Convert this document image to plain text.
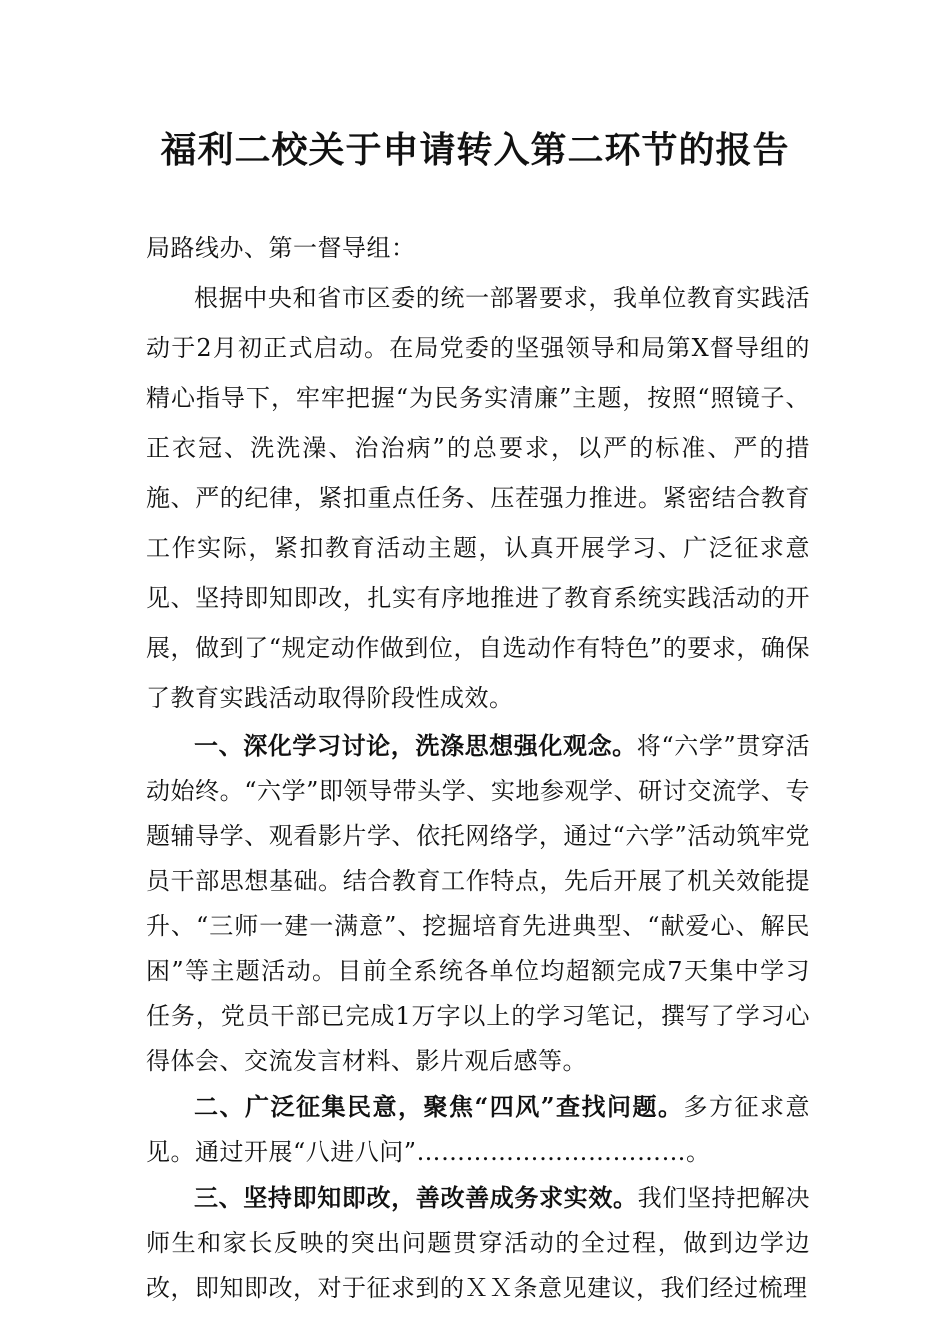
福利二校关于申请转入第二环节的报告

局路线办、第一督导组：

根据中央和省市区委的统一部署要求，我单位教育实践活动于2月初正式启动。在局党委的坚强领导和局第X督导组的精心指导下，牢牢把握“为民务实清廉”主题，按照“照镜子、正衣冠、洗洗澡、治治病”的总要求，以严的标准、严的措施、严的纪律，紧扣重点任务、压茬强力推进。紧密结合教育工作实际，紧扣教育活动主题，认真开展学习、广泛征求意见、坚持即知即改，扎实有序地推进了教育系统实践活动的开展，做到了“规定动作做到位，自选动作有特色”的要求，确保了教育实践活动取得阶段性成效。

一、深化学习讨论，洗涤思想强化观念。将“六学”贯穿活动始终。“六学”即领导带头学、实地参观学、研讨交流学、专题辅导学、观看影片学、依托网络学，通过“六学”活动筑牢党员干部思想基础。结合教育工作特点，先后开展了机关效能提升、“三师一建一满意”、挖掘培育先进典型、“献爱心、解民困”等主题活动。目前全系统各单位均超额完成7天集中学习任务，党员干部已完成1万字以上的学习笔记，撰写了学习心得体会、交流发言材料、影片观后感等。

二、广泛征集民意，聚焦“四风”查找问题。多方征求意见。通过开展“八进八问”……………………………。

三、坚持即知即改，善改善成务求实效。我们坚持把解决师生和家长反映的突出问题贯穿活动的全过程，做到边学边改，即知即改，对于征求到的ＸＸ条意见建议，我们经过梳理
